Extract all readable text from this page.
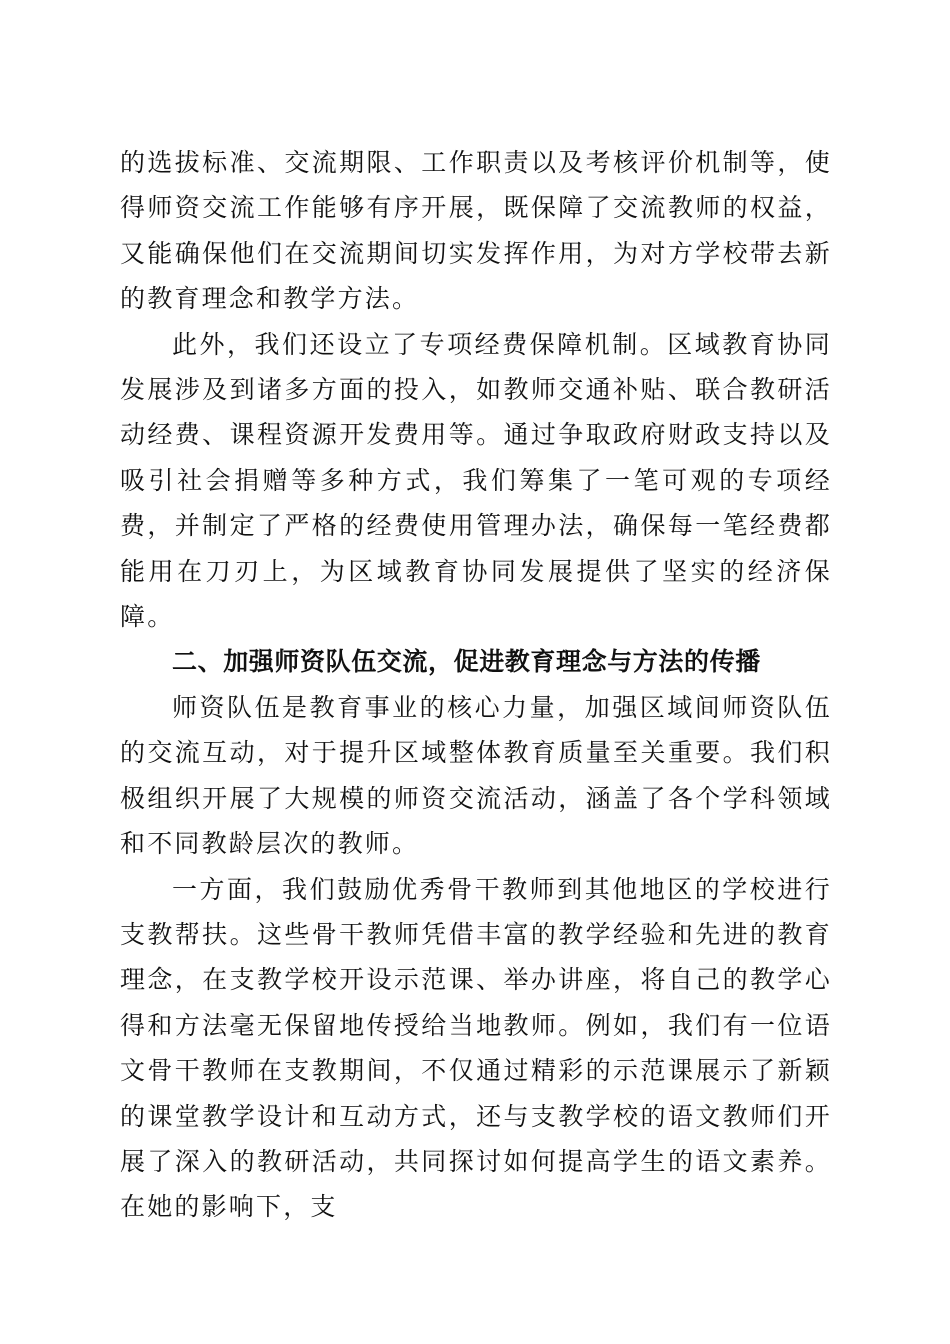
的选拔标准、交流期限、工作职责以及考核评价机制等，使得师资交流工作能够有序开展，既保障了交流教师的权益，又能确保他们在交流期间切实发挥作用，为对方学校带去新的教育理念和教学方法。

此外，我们还设立了专项经费保障机制。区域教育协同发展涉及到诸多方面的投入，如教师交通补贴、联合教研活动经费、课程资源开发费用等。通过争取政府财政支持以及吸引社会捐赠等多种方式，我们筹集了一笔可观的专项经费，并制定了严格的经费使用管理办法，确保每一笔经费都能用在刀刃上，为区域教育协同发展提供了坚实的经济保障。

二、加强师资队伍交流，促进教育理念与方法的传播

师资队伍是教育事业的核心力量，加强区域间师资队伍的交流互动，对于提升区域整体教育质量至关重要。我们积极组织开展了大规模的师资交流活动，涵盖了各个学科领域和不同教龄层次的教师。

一方面，我们鼓励优秀骨干教师到其他地区的学校进行支教帮扶。这些骨干教师凭借丰富的教学经验和先进的教育理念，在支教学校开设示范课、举办讲座，将自己的教学心得和方法毫无保留地传授给当地教师。例如，我们有一位语文骨干教师在支教期间，不仅通过精彩的示范课展示了新颖的课堂教学设计和互动方式，还与支教学校的语文教师们开展了深入的教研活动，共同探讨如何提高学生的语文素养。在她的影响下，支
